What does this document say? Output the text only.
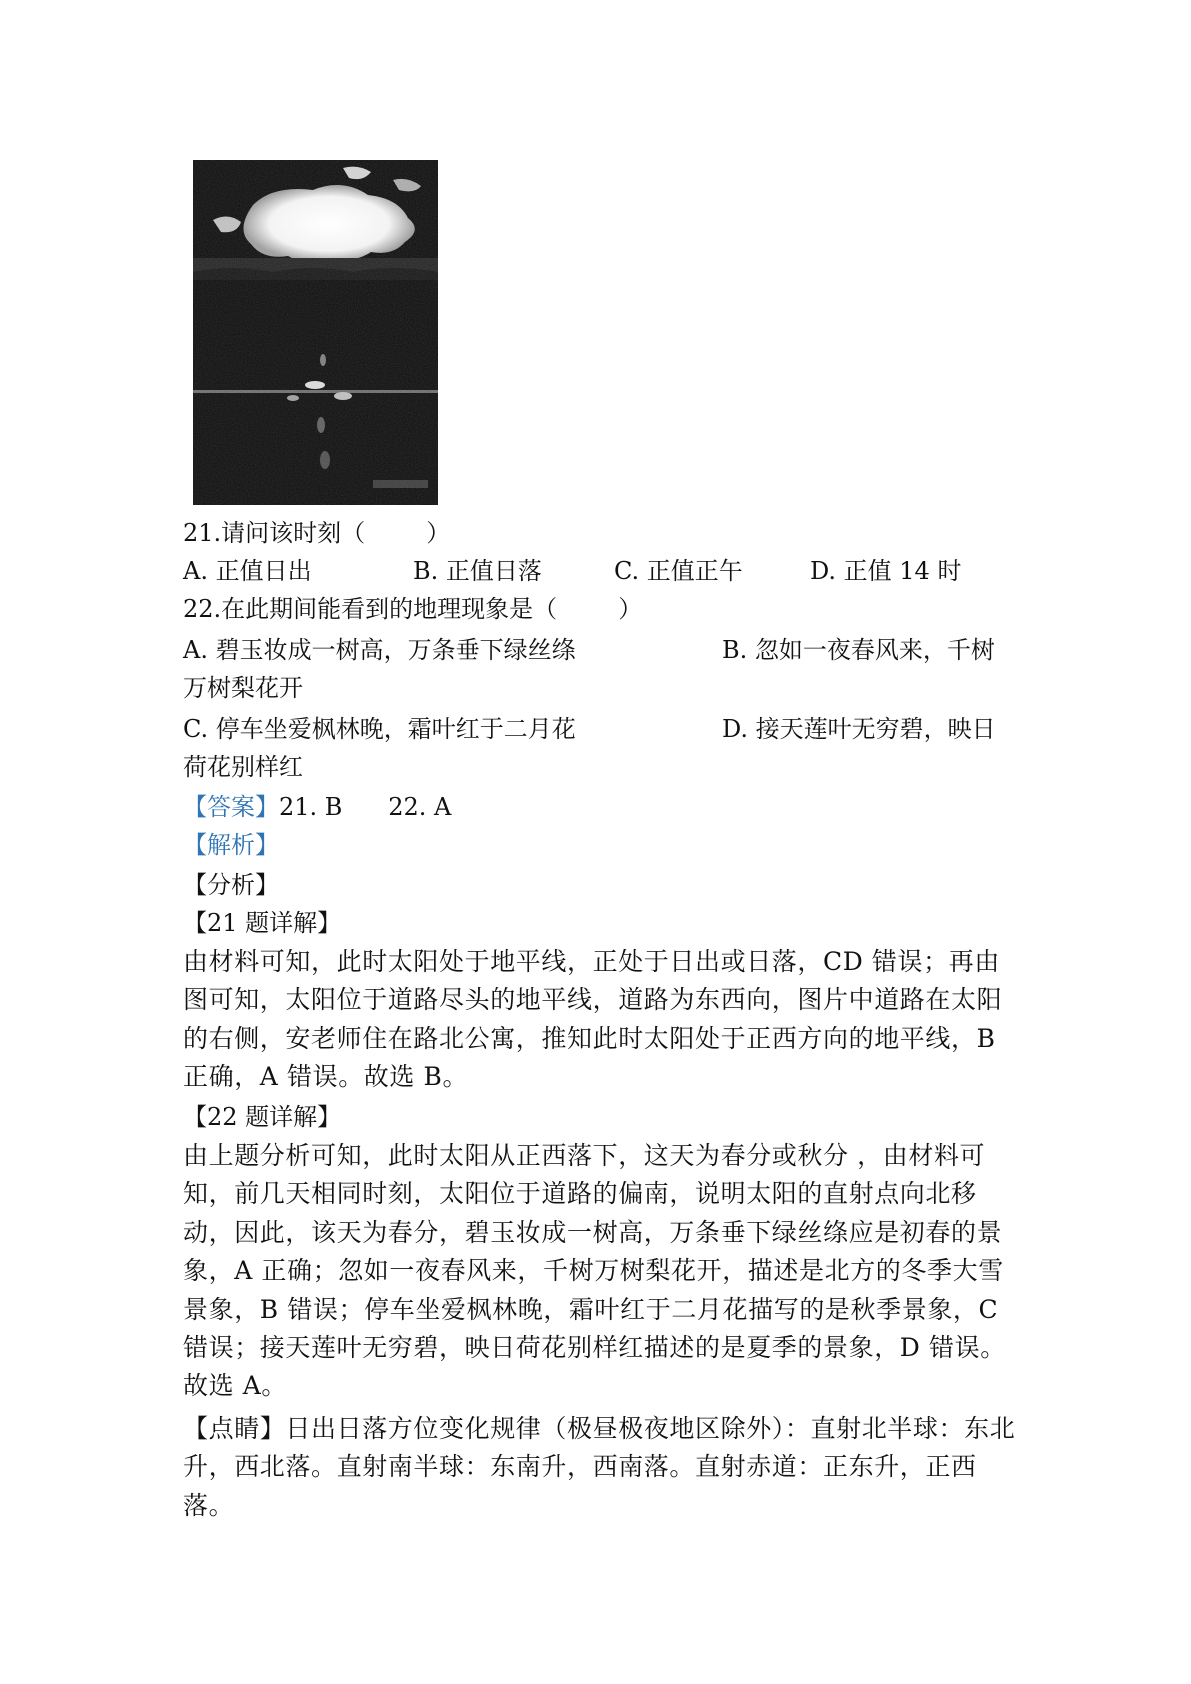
21.请问该时刻（        ）
A. 正值日出	B. 正值日落	C. 正值正午	D. 正值 14 时
22.在此期间能看到的地理现象是（        ）
A. 碧玉妆成一树高，万条垂下绿丝绦	B. 忽如一夜春风来，千树
万树梨花开
C. 停车坐爱枫林晚，霜叶红于二月花	D. 接天莲叶无穷碧，映日
荷花别样红
【答案】21. B      22. A
【解析】
【分析】
【21 题详解】
由材料可知，此时太阳处于地平线，正处于日出或日落，CD 错误；再由图可知，太阳位于道路尽头的地平线，道路为东西向，图片中道路在太阳的右侧，安老师住在路北公寓，推知此时太阳处于正西方向的地平线，B 正确，A 错误。故选 B。
【22 题详解】
由上题分析可知，此时太阳从正西落下，这天为春分或秋分 ，由材料可知，前几天相同时刻，太阳位于道路的偏南，说明太阳的直射点向北移动，因此，该天为春分，碧玉妆成一树高，万条垂下绿丝绦应是初春的景象，A 正确；忽如一夜春风来，千树万树梨花开，描述是北方的冬季大雪景象，B 错误；停车坐爱枫林晚，霜叶红于二月花描写的是秋季景象，C 错误；接天莲叶无穷碧，映日荷花别样红描述的是夏季的景象，D 错误。故选 A。
【点睛】日出日落方位变化规律（极昼极夜地区除外）：直射北半球：东北升，西北落。直射南半球：东南升，西南落。直射赤道：正东升，正西落。
